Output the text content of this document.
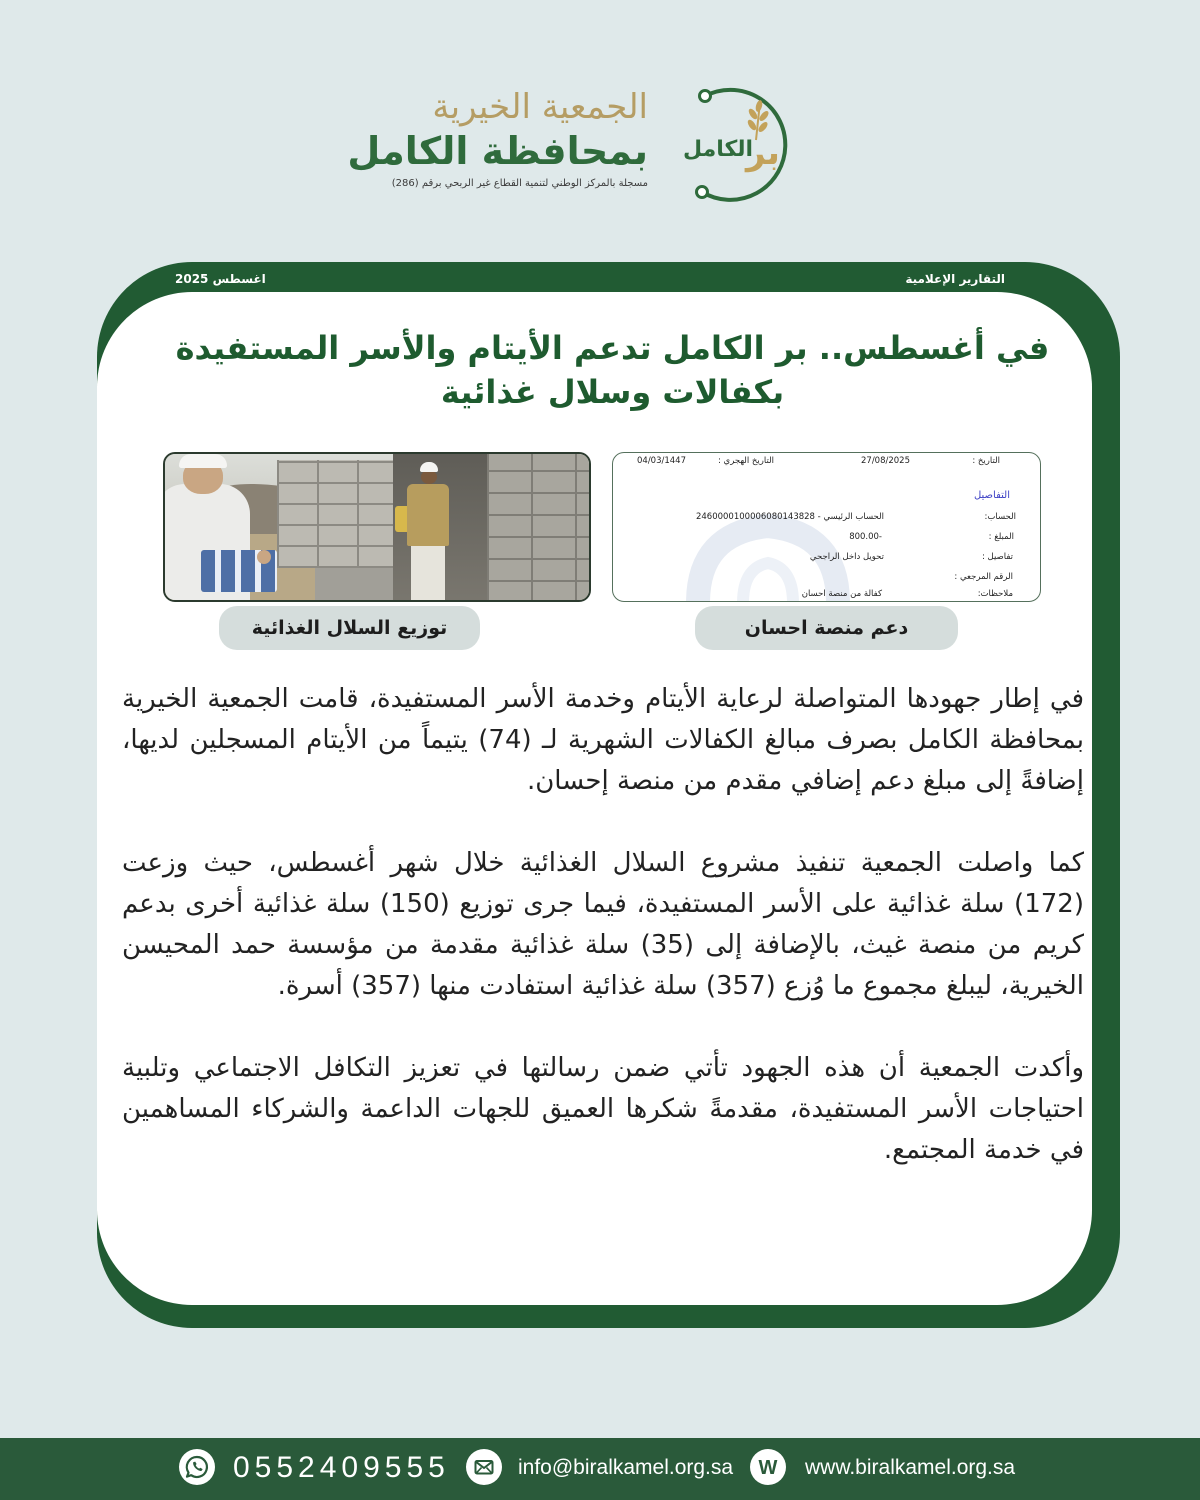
بر
الكامل
الجمعية الخيرية
بمحافظة الكامل
مسجلة بالمركز الوطني لتنمية القطاع غير الربحي برقم (286)
التقارير الإعلامية
اغسطس 2025
في أغسطس.. بر الكامل تدعم الأيتام والأسر المستفيدة
بكفالات وسلال غذائية
التاريخ :
27/08/2025
التاريخ الهجري :
04/03/1447
التفاصيل
الحساب:
2460000100006080143828 - الحساب الرئيسي
المبلغ :
800.00-
تفاصيل :
تحويل داخل الراجحي
الرقم المرجعي :
ملاحظات:
كفالة من منصة احسان
توزيع السلال الغذائية	دعم منصة احسان

في إطار جهودها المتواصلة لرعاية الأيتام وخدمة الأسر المستفيدة، قامت الجمعية الخيرية بمحافظة الكامل بصرف مبالغ الكفالات الشهرية لـ (74) يتيماً من الأيتام المسجلين لديها، إضافةً إلى مبلغ دعم إضافي مقدم من منصة إحسان.

كما واصلت الجمعية تنفيذ مشروع السلال الغذائية خلال شهر أغسطس، حيث وزعت (172) سلة غذائية على الأسر المستفيدة، فيما جرى توزيع (150) سلة غذائية أخرى بدعم كريم من منصة غيث، بالإضافة إلى (35) سلة غذائية مقدمة من مؤسسة حمد المحيسن الخيرية، ليبلغ مجموع ما وُزع (357) سلة غذائية استفادت منها (357) أسرة.

وأكدت الجمعية أن هذه الجهود تأتي ضمن رسالتها في تعزيز التكافل الاجتماعي وتلبية احتياجات الأسر المستفيدة، مقدمةً شكرها العميق للجهات الداعمة والشركاء المساهمين في خدمة المجتمع.

0552409555	info@biralkamel.org.sa W www.biralkamel.org.sa
